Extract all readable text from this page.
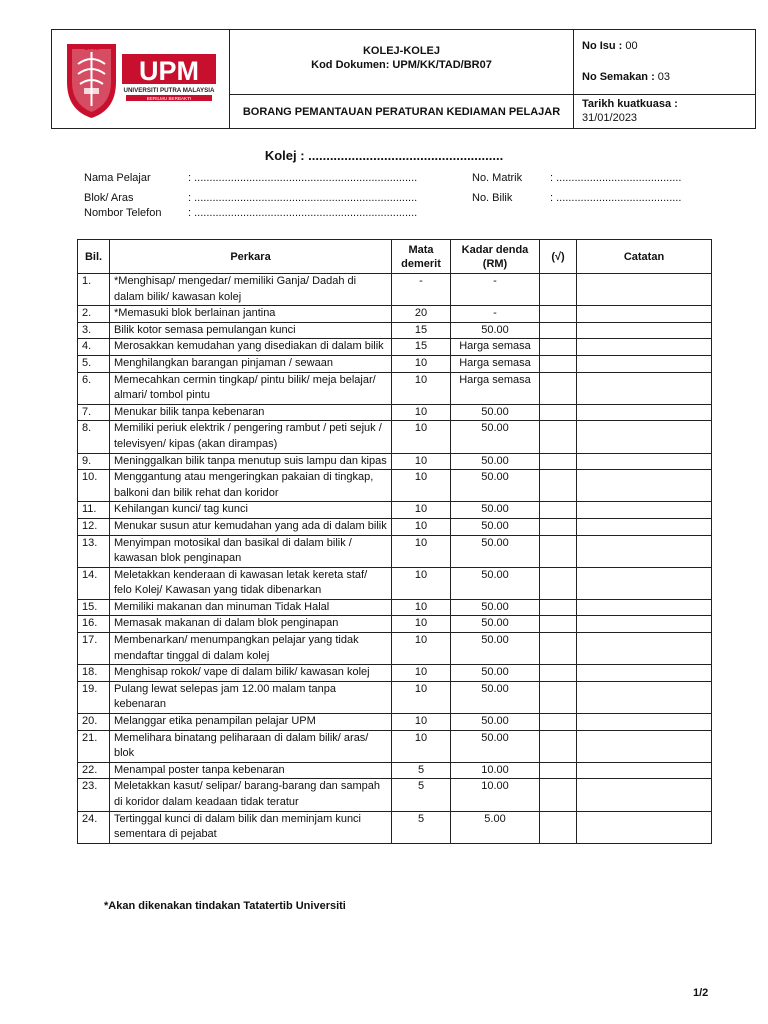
UPM
UPM
UNIVERSITI PUTRA MALAYSIA
BERILMU BERBAKTI
KOLEJ-KOLEJ
Kod Dokumen: UPM/KK/TAD/BR07
BORANG PEMANTAUAN PERATURAN KEDIAMAN PELAJAR
No Isu : 00
No Semakan : 03
Tarikh kuatkuasa :
31/01/2023
Kolej : ......................................................
Nama Pelajar	: .........................................................................
Blok/ Aras	: .........................................................................
Nombor Telefon : .........................................................................
No. Matrik	: .........................................
No. Bilik	: .........................................
Bil.	Perkara	Mata demerit	Kadar denda (RM)	(√)	Catatan
1.	*Menghisap/ mengedar/ memiliki Ganja/ Dadah di dalam bilik/ kawasan kolej	-	-		
2.	*Memasuki blok berlainan jantina	20	-		
3.	Bilik kotor semasa pemulangan kunci	15	50.00		
4.	Merosakkan kemudahan yang disediakan di dalam bilik	15	Harga semasa		
5.	Menghilangkan barangan pinjaman / sewaan	10	Harga semasa		
6.	Memecahkan cermin tingkap/ pintu bilik/ meja belajar/ almari/ tombol pintu	10	Harga semasa		
7.	Menukar bilik tanpa kebenaran	10	50.00		
8.	Memiliki periuk elektrik / pengering rambut / peti sejuk / televisyen/ kipas (akan dirampas)	10	50.00		
9.	Meninggalkan bilik tanpa menutup suis lampu dan kipas	10	50.00		
10.	Menggantung atau mengeringkan pakaian di tingkap, balkoni dan bilik rehat dan koridor	10	50.00		
11.	Kehilangan kunci/ tag kunci	10	50.00		
12.	Menukar susun atur kemudahan yang ada di dalam bilik	10	50.00		
13.	Menyimpan motosikal dan basikal di dalam bilik / kawasan blok penginapan	10	50.00		
14.	Meletakkan kenderaan di kawasan letak kereta staf/ felo Kolej/ Kawasan yang tidak dibenarkan	10	50.00		
15.	Memiliki makanan dan minuman Tidak Halal	10	50.00		
16.	Memasak makanan di dalam blok penginapan	10	50.00		
17.	Membenarkan/ menumpangkan pelajar yang tidak mendaftar tinggal di dalam kolej	10	50.00		
18.	Menghisap rokok/ vape di dalam bilik/ kawasan kolej	10	50.00		
19.	Pulang lewat selepas jam 12.00 malam tanpa kebenaran	10	50.00		
20.	Melanggar etika penampilan pelajar UPM	10	50.00		
21.	Memelihara binatang peliharaan di dalam bilik/ aras/ blok	10	50.00		
22.	Menampal poster tanpa kebenaran	5	10.00		
23.	Meletakkan kasut/ selipar/ barang-barang dan sampah di koridor dalam keadaan tidak teratur	5	10.00		
24.	Tertinggal kunci di dalam bilik dan meminjam kunci sementara di pejabat	5	5.00		
*Akan dikenakan tindakan Tatatertib Universiti
1/2
